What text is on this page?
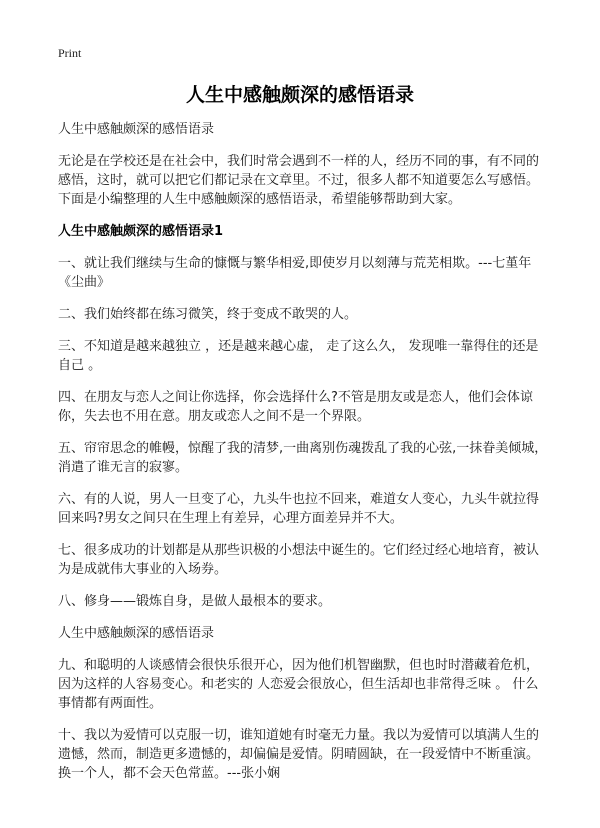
Print
人生中感触颇深的感悟语录

人生中感触颇深的感悟语录

无论是在学校还是在社会中，我们时常会遇到不一样的人，经历不同的事，有不同的感悟，这时，就可以把它们都记录在文章里。不过，很多人都不知道要怎么写感悟。下面是小编整理的人生中感触颇深的感悟语录，希望能够帮助到大家。

人生中感触颇深的感悟语录1

一、就让我们继续与生命的慷慨与繁华相爱,即使岁月以刻薄与荒芜相欺。---七堇年《尘曲》

二、我们始终都在练习微笑，终于变成不敢哭的人。

三、不知道是越来越独立 ，还是越来越心虚， 走了这么久， 发现唯一靠得住的还是自己 。

四、在朋友与恋人之间让你选择，你会选择什么?不管是朋友或是恋人，他们会体谅你，失去也不用在意。朋友或恋人之间不是一个界限。

五、帘帘思念的帷幔，惊醒了我的清梦,一曲离别伤魂拨乱了我的心弦,一抹眷美倾城，消遣了谁无言的寂寥。

六、有的人说，男人一旦变了心，九头牛也拉不回来，难道女人变心，九头牛就拉得回来吗?男女之间只在生理上有差异，心理方面差异并不大。

七、很多成功的计划都是从那些识极的小想法中诞生的。它们经过经心地培育，被认为是成就伟大事业的入场券。

八、修身——锻炼自身，是做人最根本的要求。

人生中感触颇深的感悟语录

九、和聪明的人谈感情会很快乐很开心，因为他们机智幽默，但也时时潜藏着危机，因为这样的人容易变心。和老实的 人恋爱会很放心，但生活却也非常得乏味 。 什么事情都有两面性。

十、我以为爱情可以克服一切，谁知道她有时毫无力量。我以为爱情可以填满人生的遗憾，然而，制造更多遗憾的，却偏偏是爱情。阴晴圆缺，在一段爱情中不断重演。换一个人，都不会天色常蓝。---张小娴
